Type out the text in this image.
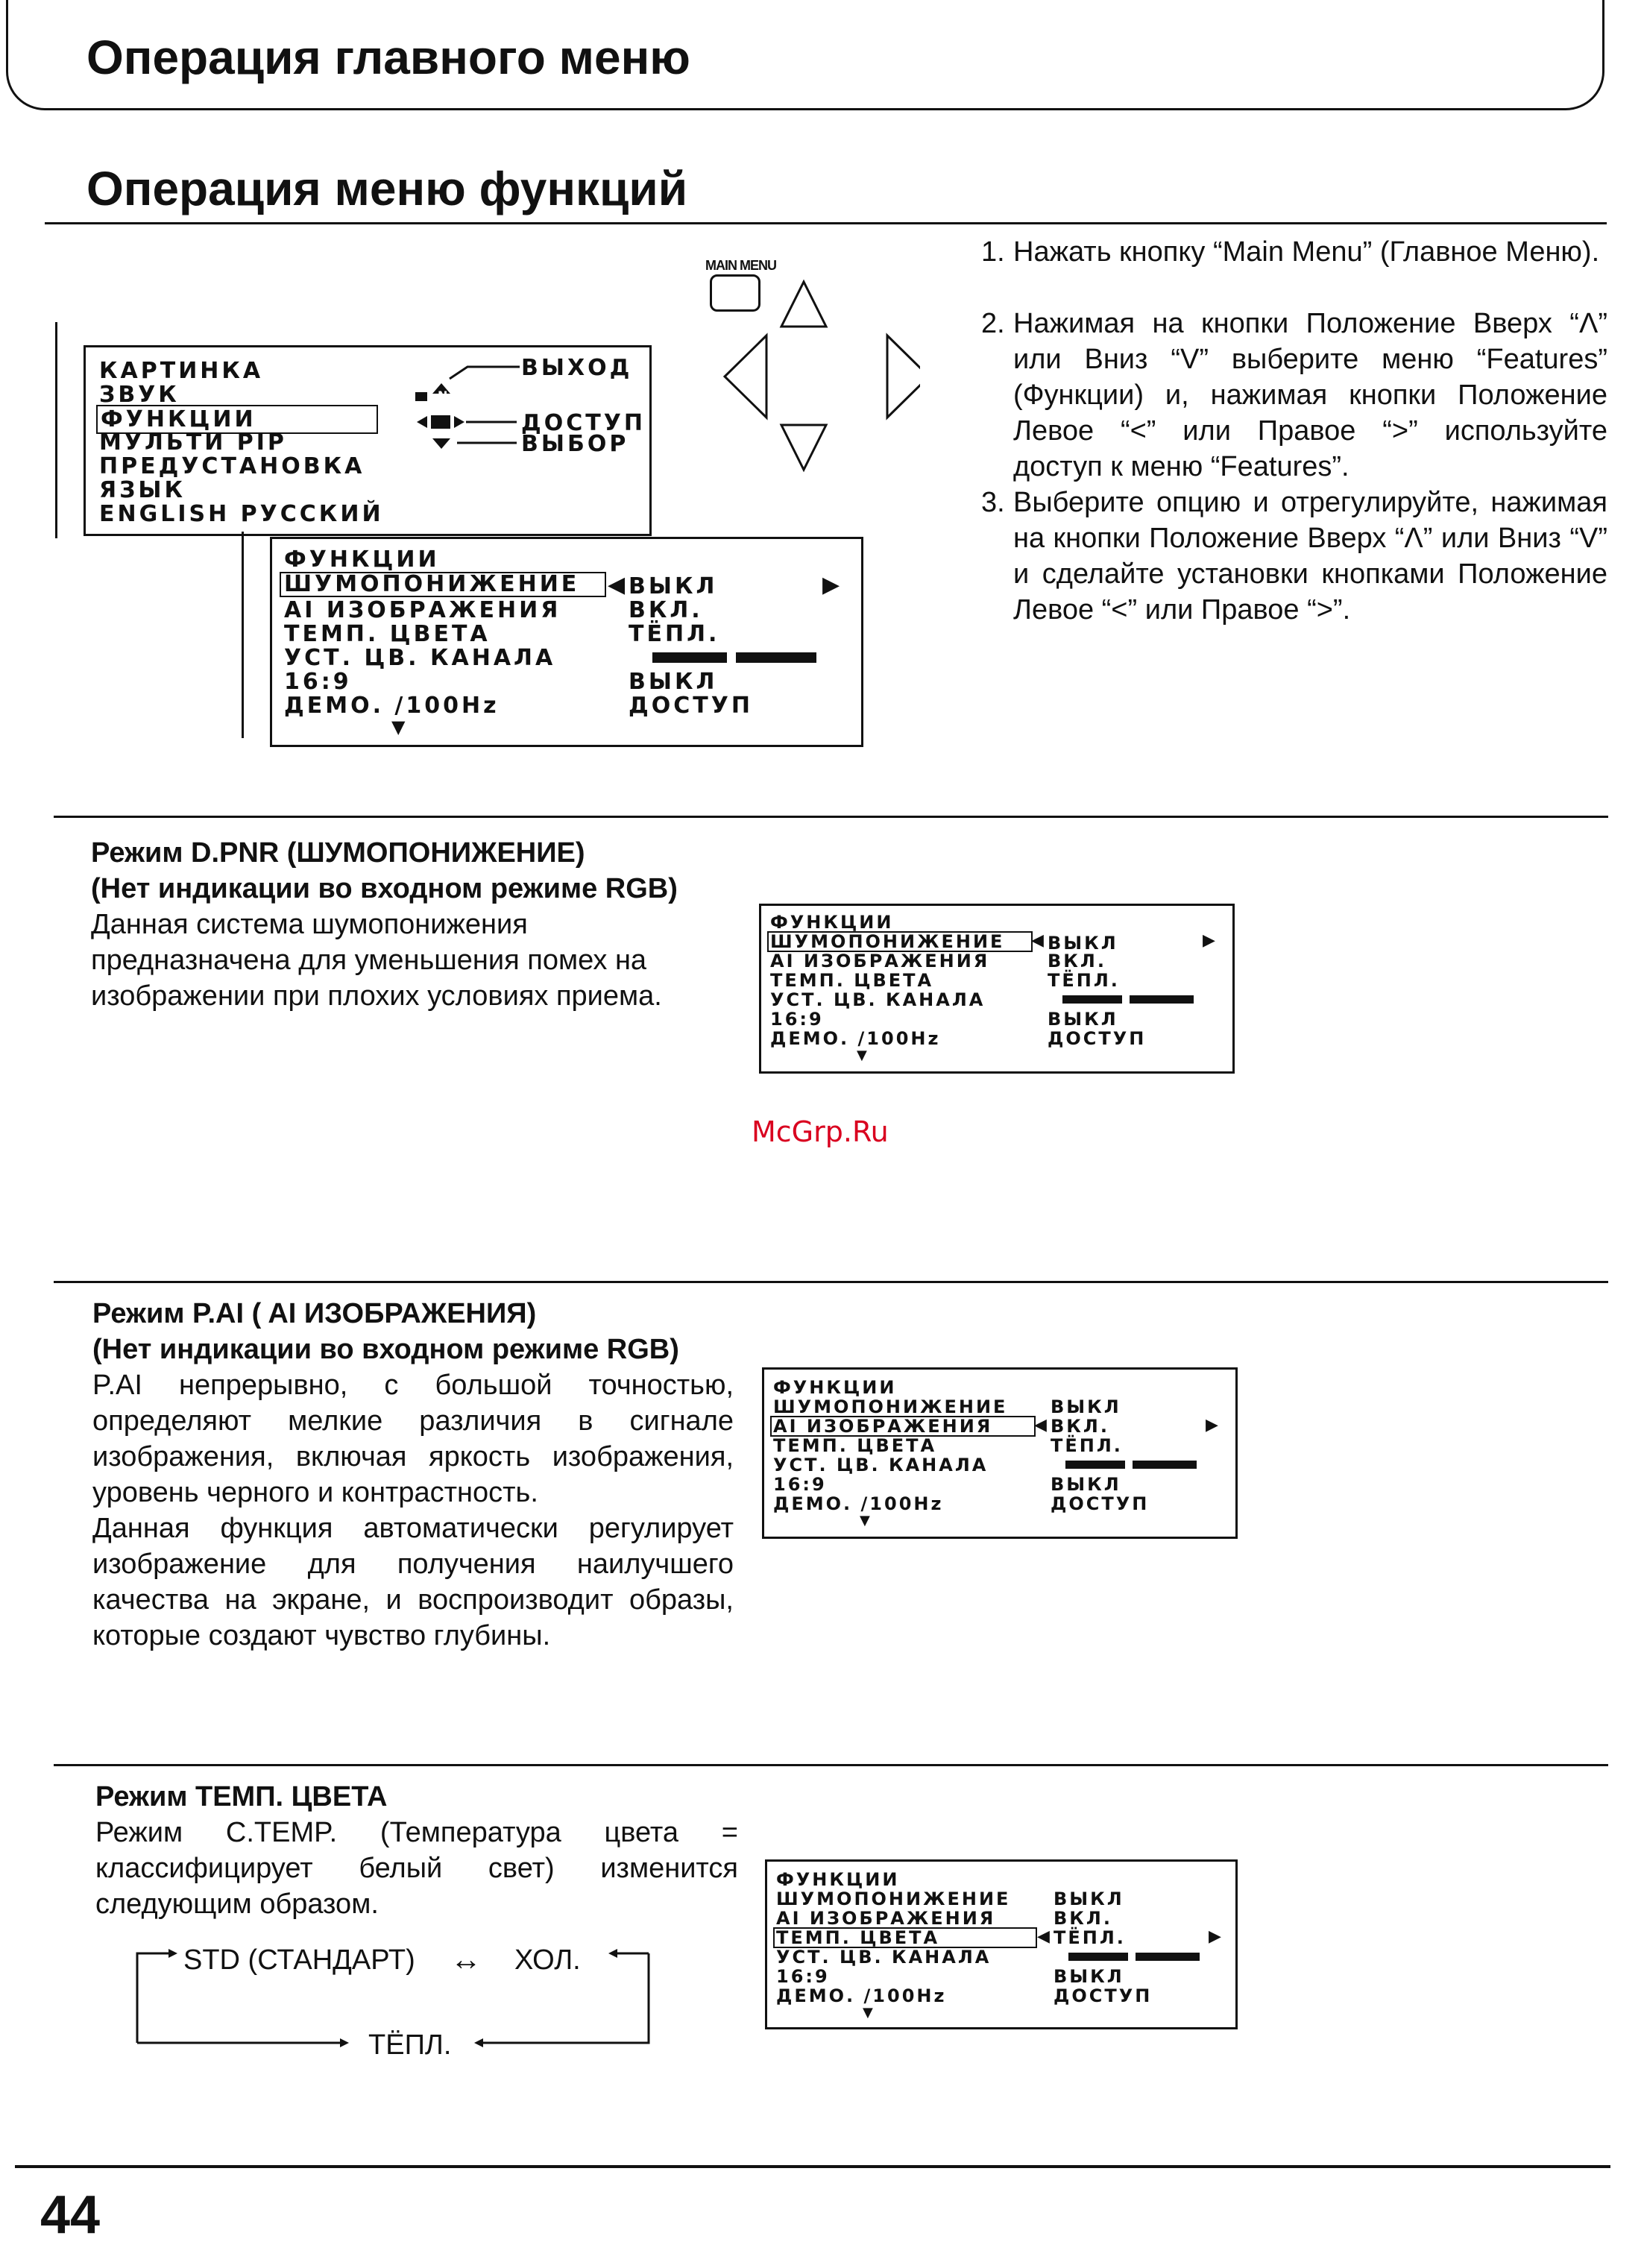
Операция главного меню
Операция меню функций
КАРТИНКА
ЗВУК
ФУНКЦИИ
МУЛЬТИ PIP
ПРЕДУСТАНОВКА
ЯЗЫК
ENGLISH РУССКИЙ
N
ВЫХОД
ДОСТУП
ВЫБОР
ФУНКЦИИ
ШУМОПОНИЖЕНИЕ
AI ИЗОБРАЖЕНИЯ
ТЕМП. ЦВЕТА
УСТ. ЦВ. КАНАЛА
16:9
ДЕМО. /100Hz
◀ ВЫКЛ
ВКЛ.
ТЁПЛ.
ВЫКЛ
ДОСТУП
▶
▼
MAIN MENU	1. Нажать кнопку “Main Menu” (Главное Меню).
2. Нажимая на кнопки Положение Вверх “Λ” или Вниз “V” выберите меню “Features” (Функции) и, нажимая кнопки Положение Левое “<” или Правое “>” используйте доступ к меню “Features”.
3. Выберите опцию и отрегулируйте, нажимая на кнопки Положение Вверх “Λ” или Вниз “V” и сделайте установки кнопками Положение Левое “<” или Правое “>”.
Режим D.PNR (ШУМОПОНИЖЕНИЕ)
(Нет индикации во входном режиме RGB)
Данная система шумопонижения предназначена для уменьшения помех на изображении при плохих условиях приема.
ФУНКЦИИ
ШУМОПОНИЖЕНИЕ
AI ИЗОБРАЖЕНИЯ
ТЕМП. ЦВЕТА
УСТ. ЦВ. КАНАЛА
16:9
ДЕМО. /100Hz
◀ ВЫКЛ
ВКЛ.
ТЁПЛ.
ВЫКЛ
ДОСТУП
▶
▼
McGrp.Ru
Режим P.AI ( AI ИЗОБРАЖЕНИЯ)
(Нет индикации во входном режиме RGB)
P.AI непрерывно, с большой точностью, определяют мелкие различия в сигнале изображения, включая яркость изображения, уровень черного и контрастность.
Данная функция автоматически регулирует изображение для получения наилучшего качества на экране, и воспроизводит образы, которые создают чувство глубины.
ФУНКЦИИ
ШУМОПОНИЖЕНИЕ
AI ИЗОБРАЖЕНИЯ
ТЕМП. ЦВЕТА
УСТ. ЦВ. КАНАЛА
16:9
ДЕМО. /100Hz
ВЫКЛ
◀ ВКЛ.
ТЁПЛ.
ВЫКЛ
ДОСТУП
▶
▼
Режим ТЕМП. ЦВЕТА
Режим С.TEMP. (Температура цвета = классифицирует белый свет) изменится следующим образом.
STD (СТАНДАРТ) ↔ ХОЛ.
ТЁПЛ.
ФУНКЦИИ
ШУМОПОНИЖЕНИЕ
AI ИЗОБРАЖЕНИЯ
ТЕМП. ЦВЕТА
УСТ. ЦВ. КАНАЛА
16:9
ДЕМО. /100Hz
ВЫКЛ
ВКЛ.
◀ ТЁПЛ.
ВЫКЛ
ДОСТУП
▶
▼
44
